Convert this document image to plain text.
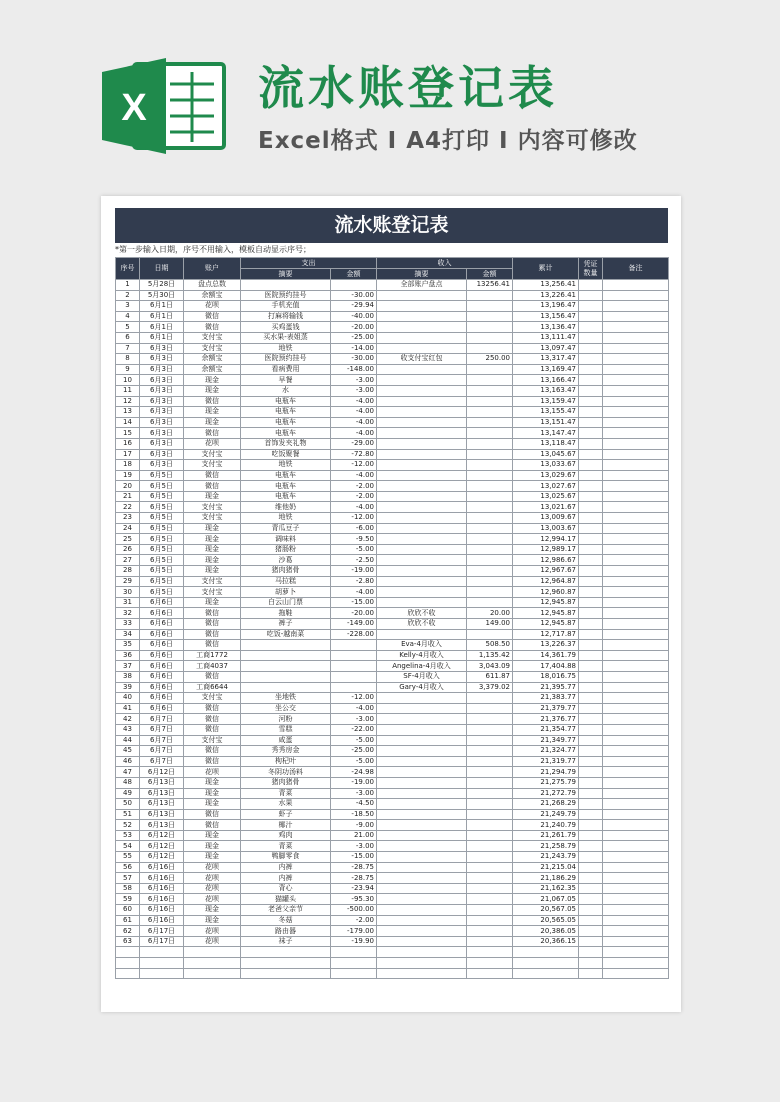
X 流水账登记表
Excel格式 I A4打印 I 内容可修改
流水账登记表
*第一步输入日期，序号不用输入，模板自动显示序号；
序号	日期	账户	支出		收入		累计	凭证数量	备注
			摘要	金额	摘要	金额			
1	5月28日	盘点总数			全部账户盘点	13256.41	13,256.41		
2	5月30日	余额宝	医院预约挂号	-30.00			13,226.41		
3	6月1日	花呗	手机充值	-29.94			13,196.47		
4	6月1日	微信	打麻将输钱	-40.00			13,156.47		
5	6月1日	微信	买鸡蛋钱	-20.00			13,136.47		
6	6月1日	支付宝	买水果-表姐蒸	-25.00			13,111.47		
7	6月3日	支付宝	地铁	-14.00			13,097.47		
8	6月3日	余额宝	医院预约挂号	-30.00	收支付宝红包	250.00	13,317.47		
9	6月3日	余额宝	看病费用	-148.00			13,169.47		
10	6月3日	现金	早餐	-3.00			13,166.47		
11	6月3日	现金	水	-3.00			13,163.47		
12	6月3日	微信	电瓶车	-4.00			13,159.47		
13	6月3日	现金	电瓶车	-4.00			13,155.47		
14	6月3日	现金	电瓶车	-4.00			13,151.47		
15	6月3日	微信	电瓶车	-4.00			13,147.47		
16	6月3日	花呗	首饰发夹礼物	-29.00			13,118.47		
17	6月3日	支付宝	吃饭聚餐	-72.80			13,045.67		
18	6月3日	支付宝	地铁	-12.00			13,033.67		
19	6月5日	微信	电瓶车	-4.00			13,029.67		
20	6月5日	微信	电瓶车	-2.00			13,027.67		
21	6月5日	现金	电瓶车	-2.00			13,025.67		
22	6月5日	支付宝	维他奶	-4.00			13,021.67		
23	6月5日	支付宝	地铁	-12.00			13,009.67		
24	6月5日	现金	青瓜豆子	-6.00			13,003.67		
25	6月5日	现金	调味料	-9.50			12,994.17		
26	6月5日	现金	猪肠粉	-5.00			12,989.17		
27	6月5日	现金	沙葛	-2.50			12,986.67		
28	6月5日	现金	猪肉猪骨	-19.00			12,967.67		
29	6月5日	支付宝	马拉糕	-2.80			12,964.87		
30	6月5日	支付宝	胡萝卜	-4.00			12,960.87		
31	6月6日	现金	白云山门票	-15.00			12,945.87		
32	6月6日	微信	拖鞋	-20.00	欣欣不收	20.00	12,945.87		
33	6月6日	微信	裤子	-149.00	欣欣不收	149.00	12,945.87		
34	6月6日	微信	吃饭-越南菜	-228.00			12,717.87		
35	6月6日	微信			Eva-4月收入	508.50	13,226.37		
36	6月6日	工商1772			Kelly-4月收入	1,135.42	14,361.79		
37	6月6日	工商4037			Angelina-4月收入	3,043.09	17,404.88		
38	6月6日	微信			SF-4月收入	611.87	18,016.75		
39	6月6日	工商6644			Gary-4月收入	3,379.02	21,395.77		
40	6月6日	支付宝	坐地铁	-12.00			21,383.77		
41	6月6日	微信	坐公交	-4.00			21,379.77		
42	6月7日	微信	河粉	-3.00			21,376.77		
43	6月7日	微信	雪糕	-22.00			21,354.77		
44	6月7日	支付宝	咸蛋	-5.00			21,349.77		
45	6月7日	微信	秀秀房金	-25.00			21,324.77		
46	6月7日	微信	枸杞叶	-5.00			21,319.77		
47	6月12日	花呗	冬阴功汤料	-24.98			21,294.79		
48	6月13日	现金	猪肉猪骨	-19.00			21,275.79		
49	6月13日	现金	青菜	-3.00			21,272.79		
50	6月13日	现金	水果	-4.50			21,268.29		
51	6月13日	微信	虾子	-18.50			21,249.79		
52	6月13日	微信	椰汁	-9.00			21,240.79		
53	6月12日	现金	鸡肉	21.00			21,261.79		
54	6月12日	现金	青菜	-3.00			21,258.79		
55	6月12日	现金	鸭脚零食	-15.00			21,243.79		
56	6月16日	花呗	内裤	-28.75			21,215.04		
57	6月16日	花呗	内裤	-28.75			21,186.29		
58	6月16日	花呗	背心	-23.94			21,162.35		
59	6月16日	花呗	猫罐头	-95.30			21,067.05		
60	6月16日	现金	老爸父亲节	-500.00			20,567.05		
61	6月16日	现金	冬菇	-2.00			20,565.05		
62	6月17日	花呗	路由器	-179.00			20,386.05		
63	6月17日	花呗	袜子	-19.90			20,366.15		
